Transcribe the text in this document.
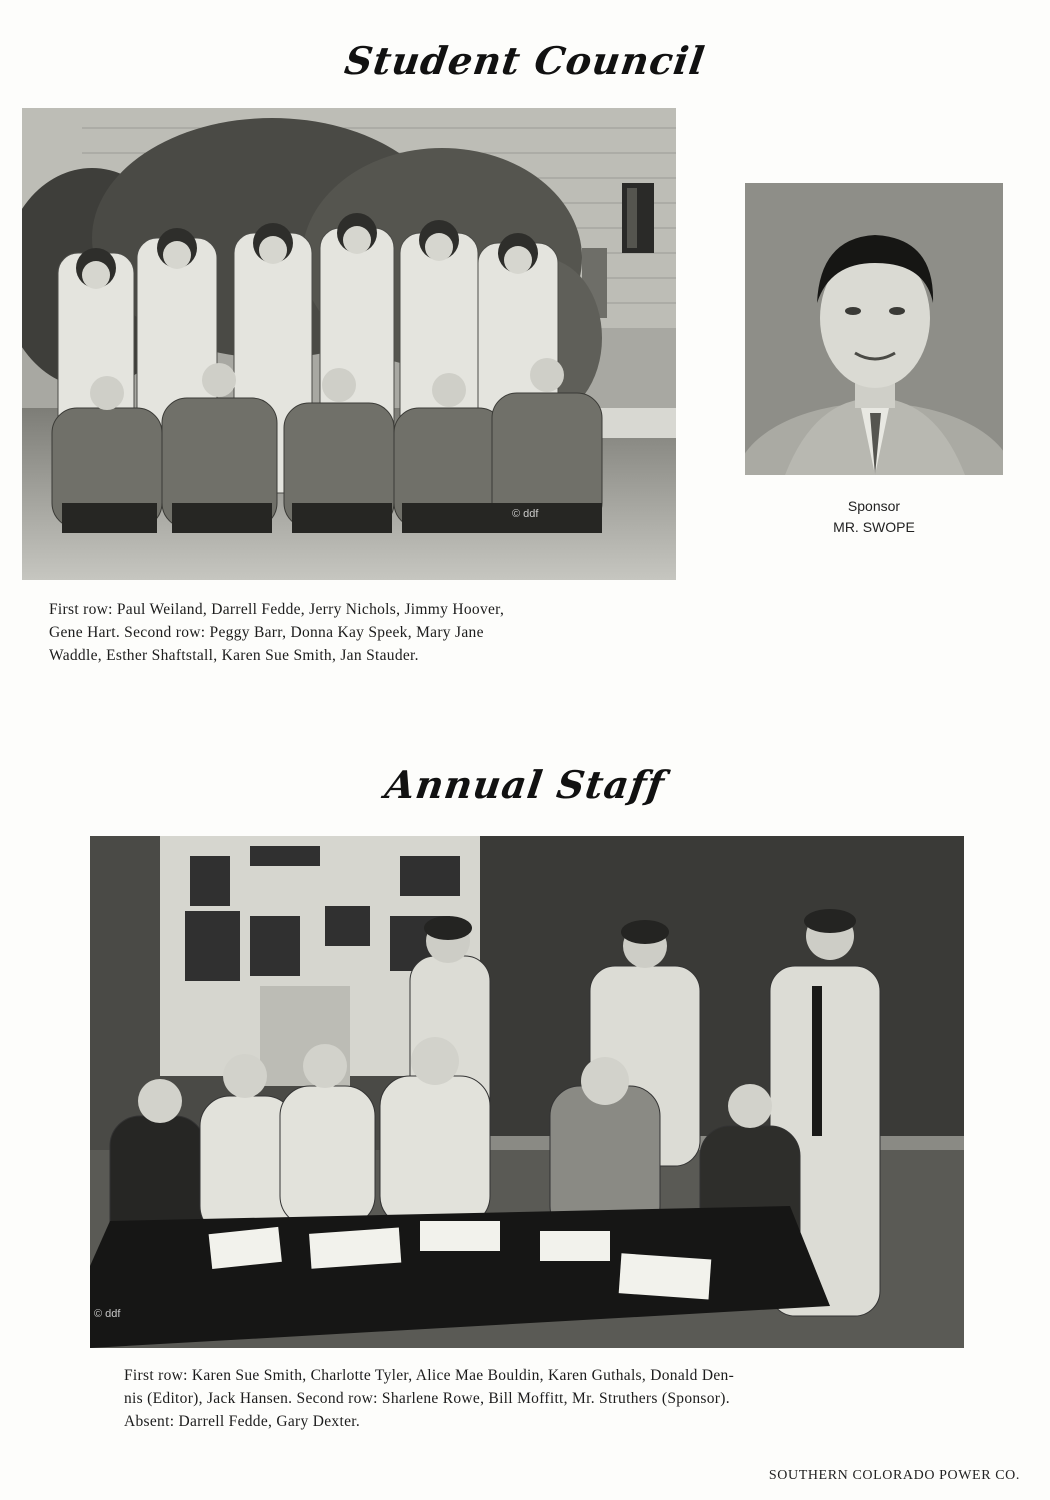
Student Council
© ddf	Sponsor
MR. SWOPE
First row: Paul Weiland, Darrell Fedde, Jerry Nichols, Jimmy Hoover,
Gene Hart. Second row: Peggy Barr, Donna Kay Speek, Mary Jane
Waddle, Esther Shaftstall, Karen Sue Smith, Jan Stauder.
Annual Staff
© ddf
First row: Karen Sue Smith, Charlotte Tyler, Alice Mae Bouldin, Karen Guthals, Donald Den-
nis (Editor), Jack Hansen. Second row: Sharlene Rowe, Bill Moffitt, Mr. Struthers (Sponsor).
Absent: Darrell Fedde, Gary Dexter.
SOUTHERN COLORADO POWER CO.
